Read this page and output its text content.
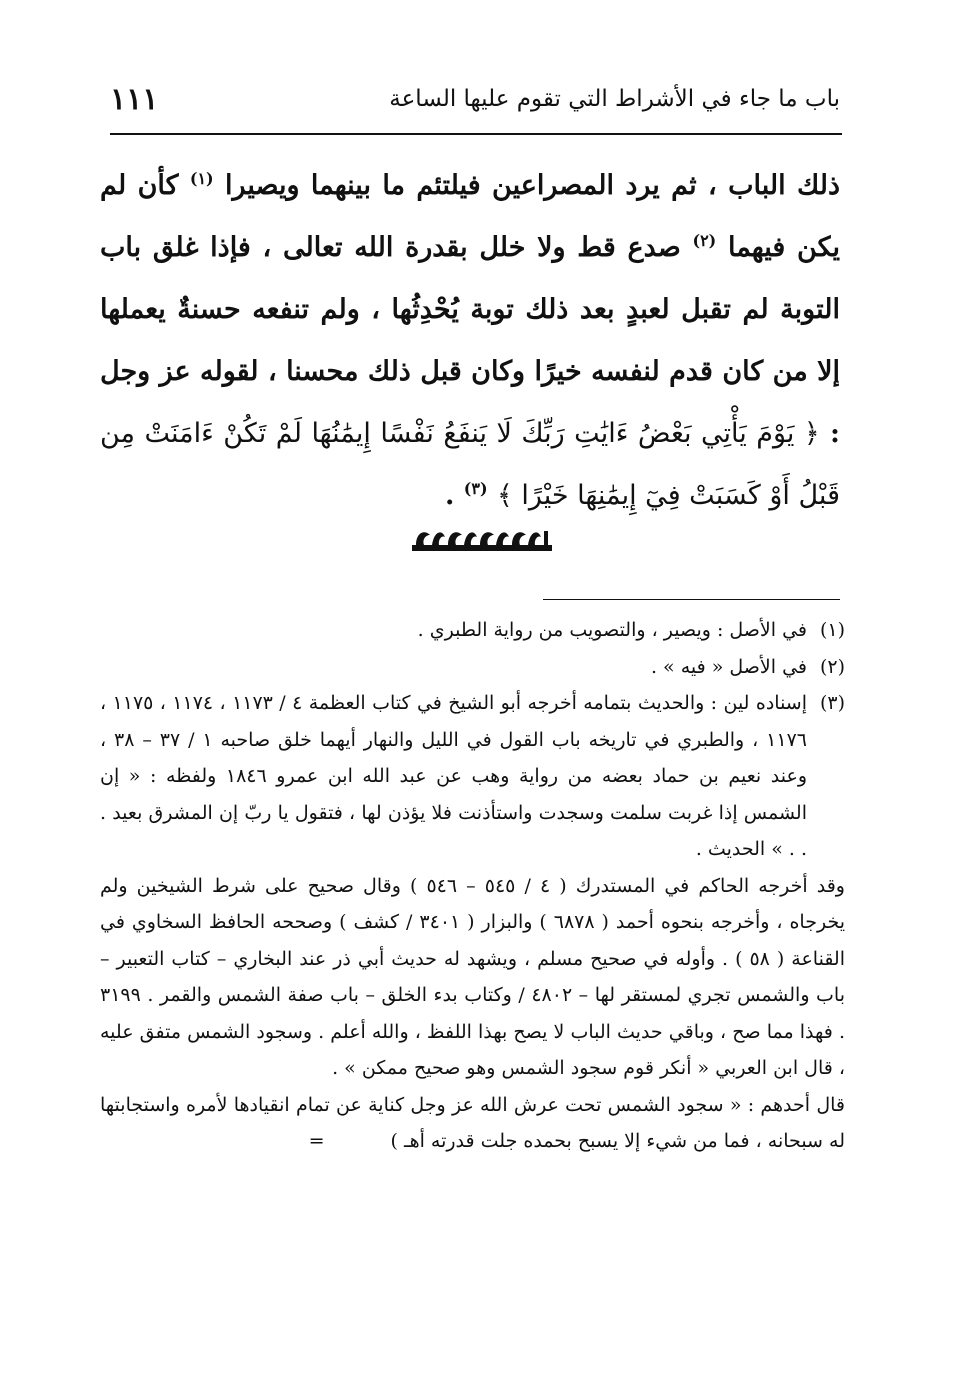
باب ما جاء في الأشراط التي تقوم عليها الساعة
١١١

ذلك الباب ، ثم يرد المصراعين فيلتئم ما بينهما ويصيرا $^{(١)}$ كأن لم يكن فيهما $^{(٢)}$ صدع قط ولا خلل بقدرة الله تعالى ، فإذا غلق باب التوبة لم تقبل لعبدٍ بعد ذلك توبة يُحْدِثُها ، ولم تنفعه حسنةٌ يعملها إلا من كان قدم لنفسه خيرًا وكان قبل ذلك محسنا ، لقوله عز وجل : ﴿ يَوْمَ يَأْتِي بَعْضُ ءَايَٰتِ رَبِّكَ لَا يَنفَعُ نَفْسًا إِيمَٰنُهَا لَمْ تَكُنْ ءَامَنَتْ مِن قَبْلُ أَوْ كَسَبَتْ فِيٓ إِيمَٰنِهَا خَيْرًا ﴾ $^{(٣)}$ .

(١)

في الأصل : ويصير ، والتصويب من رواية الطبري .

(٢)

في الأصل « فيه » .

(٣)

إسناده لين : والحديث بتمامه أخرجه أبو الشيخ في كتاب العظمة ٤ / ١١٧٣ ، ١١٧٤ ، ١١٧٥ ، ١١٧٦ ، والطبري في تاريخه باب القول في الليل والنهار أيهما خلق صاحبه ١ / ٣٧ – ٣٨ ، وعند نعيم بن حماد بعضه من رواية وهب عن عبد الله ابن عمرو ١٨٤٦ ولفظه : « إن الشمس إذا غربت سلمت وسجدت واستأذنت فلا يؤذن لها ، فتقول يا ربّ إن المشرق بعيد . . . » الحديث .

وقد أخرجه الحاكم في المستدرك ( ٤ / ٥٤٥ – ٥٤٦ ) وقال صحيح على شرط الشيخين ولم يخرجاه ، وأخرجه بنحوه أحمد ( ٦٨٧٨ ) والبزار ( ٣٤٠١ / كشف ) وصححه الحافظ السخاوي في القناعة ( ٥٨ ) . وأوله في صحيح مسلم ، ويشهد له حديث أبي ذر عند البخاري – كتاب التعبير – باب والشمس تجري لمستقر لها – ٤٨٠٢ / وكتاب بدء الخلق – باب صفة الشمس والقمر . ٣١٩٩ . فهذا مما صح ، وباقي حديث الباب لا يصح بهذا اللفظ ، والله أعلم . وسجود الشمس متفق عليه ، قال ابن العربي « أنكر قوم سجود الشمس وهو صحيح ممكن » .

قال أحدهم : « سجود الشمس تحت عرش الله عز وجل كناية عن تمام انقيادها لأمره واستجابتها له سبحانه ، فما من شيء إلا يسبح بحمده جلت قدرته أهـ ) =
